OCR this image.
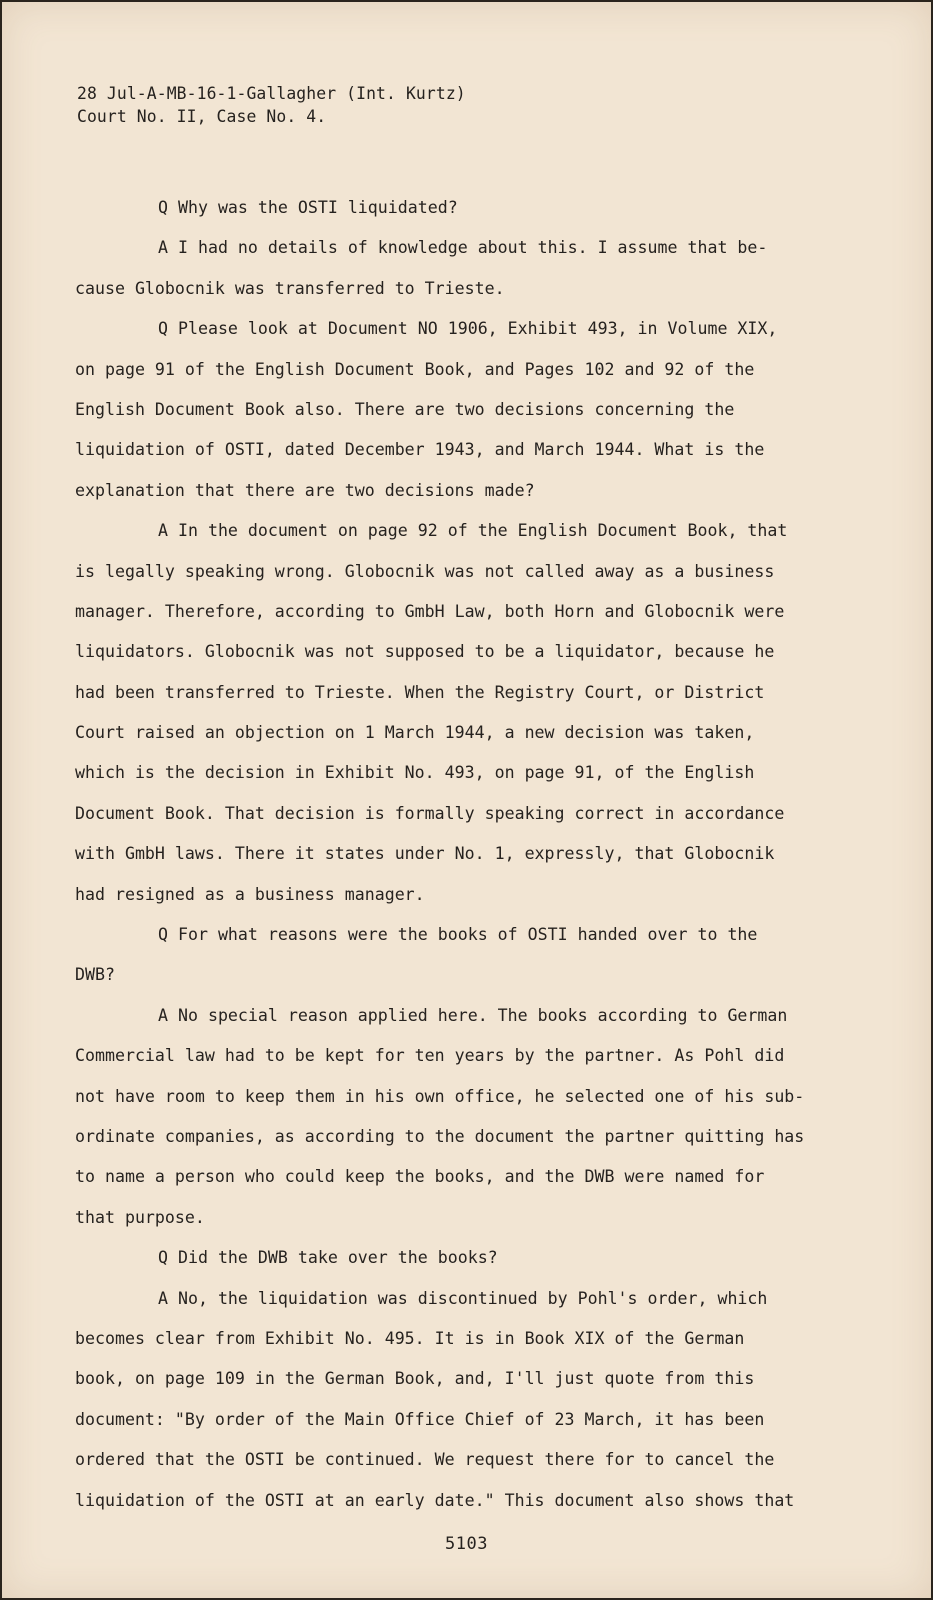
28 Jul-A-MB-16-1-Gallagher (Int. Kurtz)
Court No. II, Case No. 4.
Q Why was the OSTI liquidated?
A I had no details of knowledge about this. I assume that be-
cause Globocnik was transferred to Trieste.
Q Please look at Document NO 1906, Exhibit 493, in Volume XIX,
on page 91 of the English Document Book, and Pages 102 and 92 of the
English Document Book also. There are two decisions concerning the
liquidation of OSTI, dated December 1943, and March 1944. What is the
explanation that there are two decisions made?
A In the document on page 92 of the English Document Book, that
is legally speaking wrong. Globocnik was not called away as a business
manager. Therefore, according to GmbH Law, both Horn and Globocnik were
liquidators. Globocnik was not supposed to be a liquidator, because he
had been transferred to Trieste. When the Registry Court, or District
Court raised an objection on 1 March 1944, a new decision was taken,
which is the decision in Exhibit No. 493, on page 91, of the English
Document Book. That decision is formally speaking correct in accordance
with GmbH laws. There it states under No. 1, expressly, that Globocnik
had resigned as a business manager.
Q For what reasons were the books of OSTI handed over to the
DWB?
A No special reason applied here. The books according to German
Commercial law had to be kept for ten years by the partner. As Pohl did
not have room to keep them in his own office, he selected one of his sub-
ordinate companies, as according to the document the partner quitting has
to name a person who could keep the books, and the DWB were named for
that purpose.
Q Did the DWB take over the books?
A No, the liquidation was discontinued by Pohl's order, which
becomes clear from Exhibit No. 495. It is in Book XIX of the German
book, on page 109 in the German Book, and, I'll just quote from this
document: "By order of the Main Office Chief of 23 March, it has been
ordered that the OSTI be continued. We request there for to cancel the
liquidation of the OSTI at an early date." This document also shows that
5103
